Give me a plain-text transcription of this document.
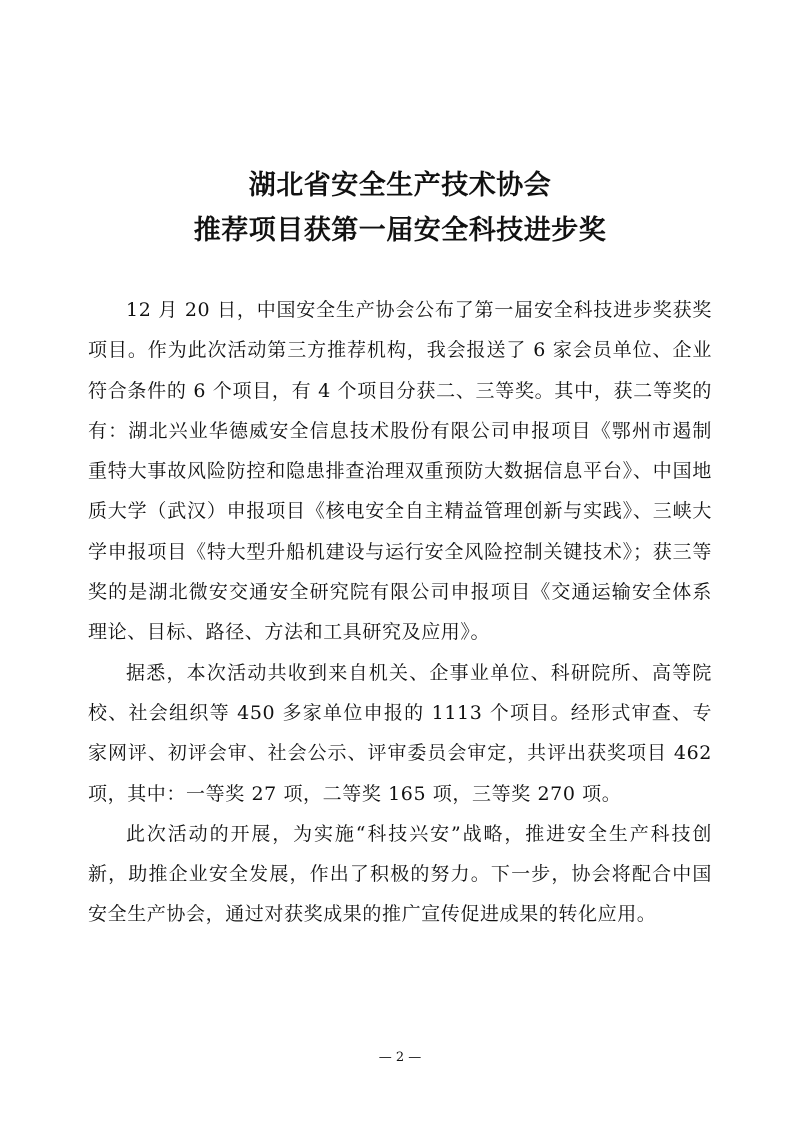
湖北省安全生产技术协会
推荐项目获第一届安全科技进步奖

12 月 20 日，中国安全生产协会公布了第一届安全科技进步奖获奖项目。作为此次活动第三方推荐机构，我会报送了 6 家会员单位、企业符合条件的 6 个项目，有 4 个项目分获二、三等奖。其中，获二等奖的有：湖北兴业华德威安全信息技术股份有限公司申报项目《鄂州市遏制重特大事故风险防控和隐患排查治理双重预防大数据信息平台》、中国地质大学（武汉）申报项目《核电安全自主精益管理创新与实践》、三峡大学申报项目《特大型升船机建设与运行安全风险控制关键技术》；获三等奖的是湖北微安交通安全研究院有限公司申报项目《交通运输安全体系理论、目标、路径、方法和工具研究及应用》。

据悉，本次活动共收到来自机关、企事业单位、科研院所、高等院校、社会组织等 450 多家单位申报的 1113 个项目。经形式审查、专家网评、初评会审、社会公示、评审委员会审定，共评出获奖项目 462 项，其中：一等奖 27 项，二等奖 165 项，三等奖 270 项。

此次活动的开展，为实施“科技兴安”战略，推进安全生产科技创新，助推企业安全发展，作出了积极的努力。下一步，协会将配合中国安全生产协会，通过对获奖成果的推广宣传促进成果的转化应用。

— 2 —
